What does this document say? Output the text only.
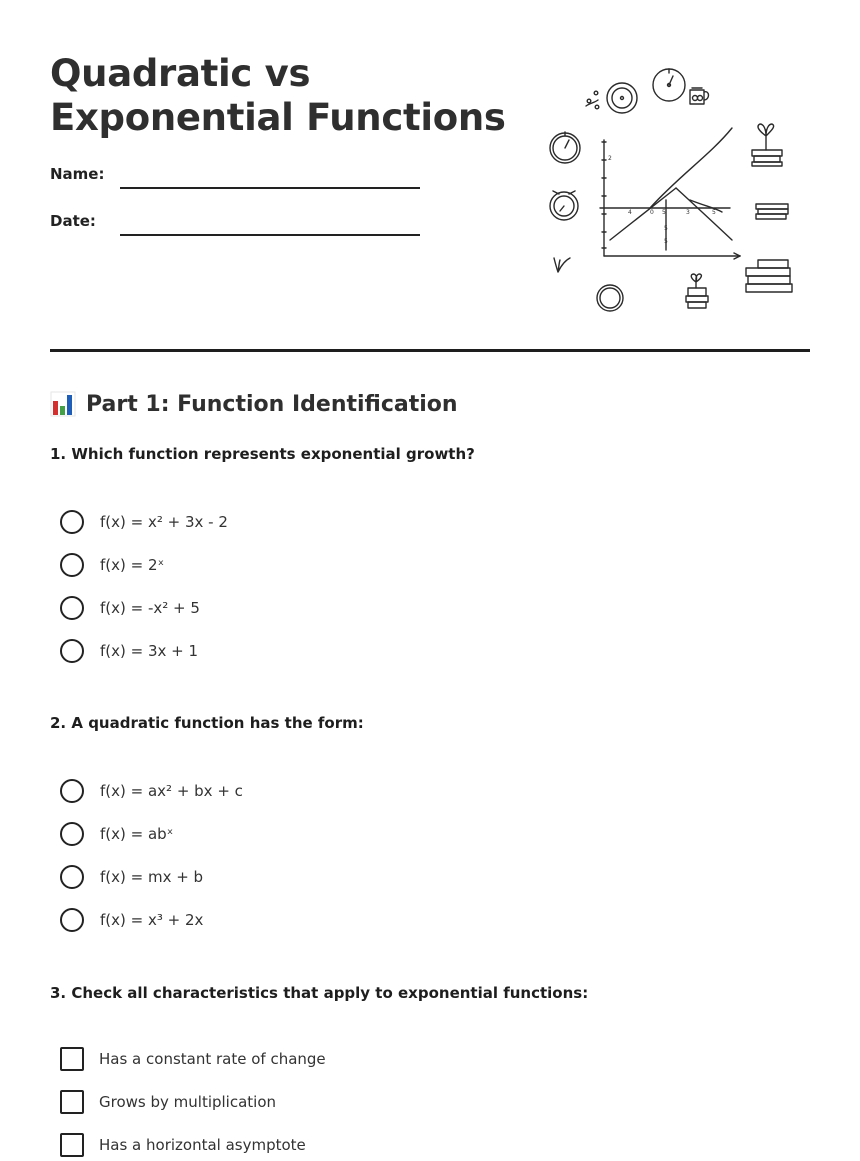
Quadratic vs Exponential Functions
Name:
Date:	4	0 5	3	5
5
5
2
Part 1: Function Identification
1. Which function represents exponential growth?
f(x) = x² + 3x - 2
f(x) = 2ˣ
f(x) = -x² + 5
f(x) = 3x + 1
2. A quadratic function has the form:
f(x) = ax² + bx + c
f(x) = abˣ
f(x) = mx + b
f(x) = x³ + 2x
3. Check all characteristics that apply to exponential functions:
Has a constant rate of change
Grows by multiplication
Has a horizontal asymptote
